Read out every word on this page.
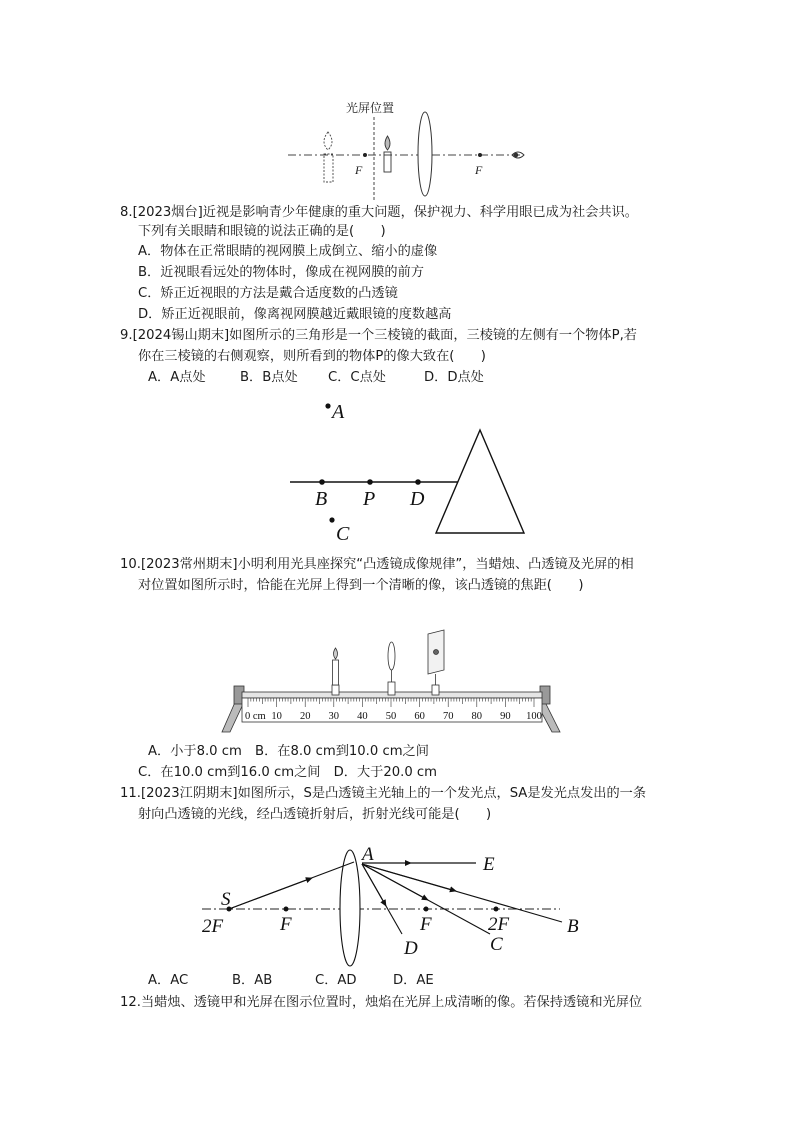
光屏位置
F	F
8.[2023烟台]近视是影响青少年健康的重大问题，保护视力、科学用眼已成为社会共识。
下列有关眼睛和眼镜的说法正确的是(　　)
A．物体在正常眼睛的视网膜上成倒立、缩小的虚像
B．近视眼看远处的物体时，像成在视网膜的前方
C．矫正近视眼的方法是戴合适度数的凸透镜
D．矫正近视眼前，像离视网膜越近戴眼镜的度数越高
9.[2024锡山期末]如图所示的三角形是一个三棱镜的截面，三棱镜的左侧有一个物体P,若
你在三棱镜的右侧观察，则所看到的物体P的像大致在(　　)
A．A点处	B．B点处 C．C点处	D．D点处
A
B P D
C
10.[2023常州期末]小明利用光具座探究“凸透镜成像规律”，当蜡烛、凸透镜及光屏的相
对位置如图所示时，恰能在光屏上得到一个清晰的像，该凸透镜的焦距(　　)
0 cm 10 20 30 40 50 60 70 80 90 100
A．小于8.0 cm　B．在8.0 cm到10.0 cm之间
C．在10.0 cm到16.0 cm之间　D．大于20.0 cm
11.[2023江阴期末]如图所示，S是凸透镜主光轴上的一个发光点，SA是发光点发出的一条
射向凸透镜的光线，经凸透镜折射后，折射光线可能是(　　)
S
2F	F
A	E
F	2F
D	C
B
A．AC	B．AB	C．AD	D．AE
12.当蜡烛、透镜甲和光屏在图示位置时，烛焰在光屏上成清晰的像。若保持透镜和光屏位
